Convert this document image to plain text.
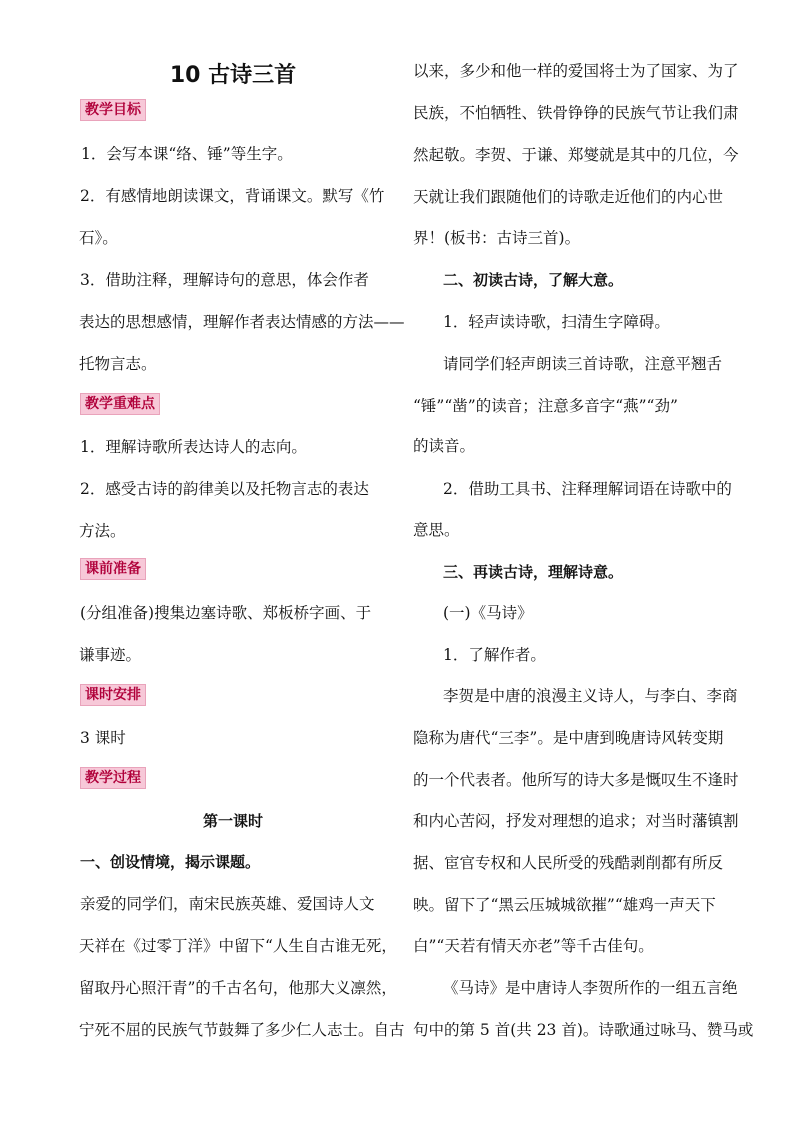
10 古诗三首
教学目标
1．会写本课“络、锤”等生字。
2．有感情地朗读课文，背诵课文。默写《竹
石》。
3．借助注释，理解诗句的意思，体会作者
表达的思想感情，理解作者表达情感的方法——
托物言志。
教学重难点
1．理解诗歌所表达诗人的志向。
2．感受古诗的韵律美以及托物言志的表达
方法。
课前准备
(分组准备)搜集边塞诗歌、郑板桥字画、于
谦事迹。
课时安排
3 课时
教学过程
第一课时
一、创设情境，揭示课题。
亲爱的同学们，南宋民族英雄、爱国诗人文
天祥在《过零丁洋》中留下“人生自古谁无死，
留取丹心照汗青”的千古名句，他那大义凛然，
宁死不屈的民族气节鼓舞了多少仁人志士。自古
以来，多少和他一样的爱国将士为了国家、为了
民族，不怕牺牲、铁骨铮铮的民族气节让我们肃
然起敬。李贺、于谦、郑燮就是其中的几位，今
天就让我们跟随他们的诗歌走近他们的内心世
界！(板书：古诗三首)。
二、初读古诗，了解大意。
1．轻声读诗歌，扫清生字障碍。
请同学们轻声朗读三首诗歌，注意平翘舌
“锤”“凿”的读音；注意多音字“燕”“劲”
的读音。
2．借助工具书、注释理解词语在诗歌中的
意思。
三、再读古诗，理解诗意。
(一)《马诗》
1．了解作者。
李贺是中唐的浪漫主义诗人，与李白、李商
隐称为唐代“三李”。是中唐到晚唐诗风转变期
的一个代表者。他所写的诗大多是慨叹生不逢时
和内心苦闷，抒发对理想的追求；对当时藩镇割
据、宦官专权和人民所受的残酷剥削都有所反
映。留下了“黑云压城城欲摧”“雄鸡一声天下
白”“天若有情天亦老”等千古佳句。
《马诗》是中唐诗人李贺所作的一组五言绝
句中的第 5 首(共 23 首)。诗歌通过咏马、赞马或
